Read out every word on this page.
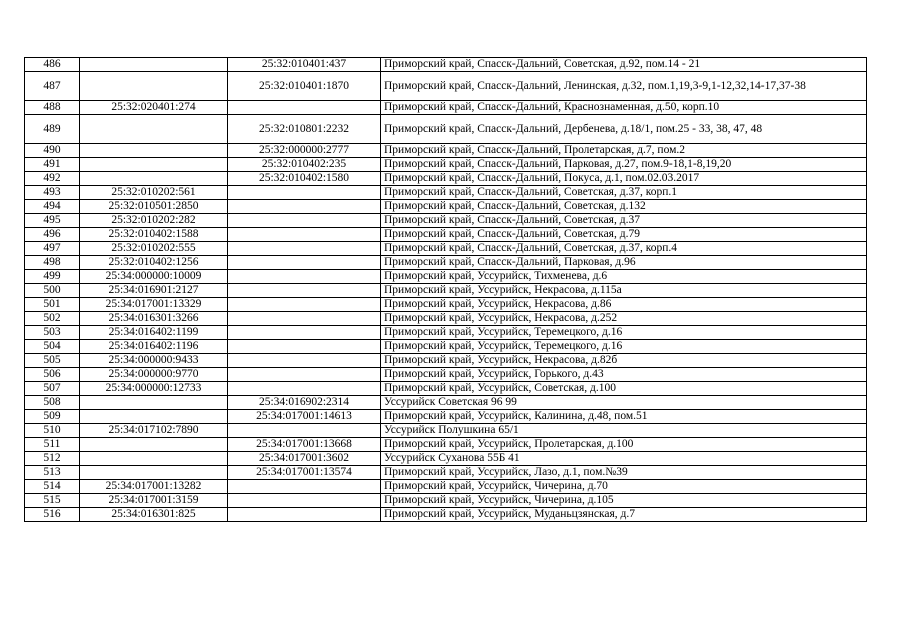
486		25:32:010401:437	Приморский край, Спасск-Дальний, Советская, д.92, пом.14 - 21
487		25:32:010401:1870	Приморский край, Спасск-Дальний, Ленинская, д.32, пом.1,19,3-9,1-12,32,14-17,37-38
488	25:32:020401:274		Приморский край, Спасск-Дальний, Краснознаменная, д.50, корп.10
489		25:32:010801:2232	Приморский край, Спасск-Дальний, Дербенева, д.18/1, пом.25 - 33, 38, 47, 48
490		25:32:000000:2777	Приморский край, Спасск-Дальний, Пролетарская, д.7, пом.2
491		25:32:010402:235	Приморский край, Спасск-Дальний, Парковая, д.27, пом.9-18,1-8,19,20
492		25:32:010402:1580	Приморский край, Спасск-Дальний, Покуса, д.1, пом.02.03.2017
493	25:32:010202:561		Приморский край, Спасск-Дальний, Советская, д.37, корп.1
494	25:32:010501:2850		Приморский край, Спасск-Дальний, Советская, д.132
495	25:32:010202:282		Приморский край, Спасск-Дальний, Советская, д.37
496	25:32:010402:1588		Приморский край, Спасск-Дальний, Советская, д.79
497	25:32:010202:555		Приморский край, Спасск-Дальний, Советская, д.37, корп.4
498	25:32:010402:1256		Приморский край, Спасск-Дальний, Парковая, д.96
499	25:34:000000:10009		Приморский край, Уссурийск, Тихменева, д.6
500	25:34:016901:2127		Приморский край, Уссурийск, Некрасова, д.115а
501	25:34:017001:13329		Приморский край, Уссурийск, Некрасова, д.86
502	25:34:016301:3266		Приморский край, Уссурийск, Некрасова, д.252
503	25:34:016402:1199		Приморский край, Уссурийск, Теремецкого, д.16
504	25:34:016402:1196		Приморский край, Уссурийск, Теремецкого, д.16
505	25:34:000000:9433		Приморский край, Уссурийск, Некрасова, д.82б
506	25:34:000000:9770		Приморский край, Уссурийск, Горького, д.43
507	25:34:000000:12733		Приморский край, Уссурийск, Советская, д.100
508		25:34:016902:2314	Уссурийск Советская 96 99
509		25:34:017001:14613	Приморский край, Уссурийск, Калинина, д.48, пом.51
510	25:34:017102:7890		Уссурийск Полушкина 65/1
511		25:34:017001:13668	Приморский край, Уссурийск, Пролетарская, д.100
512		25:34:017001:3602	Уссурийск Суханова 55Б 41
513		25:34:017001:13574	Приморский край, Уссурийск, Лазо, д.1, пом.№39
514	25:34:017001:13282		Приморский край, Уссурийск, Чичерина, д.70
515	25:34:017001:3159		Приморский край, Уссурийск, Чичерина, д.105
516	25:34:016301:825		Приморский край, Уссурийск, Муданьцзянская, д.7
